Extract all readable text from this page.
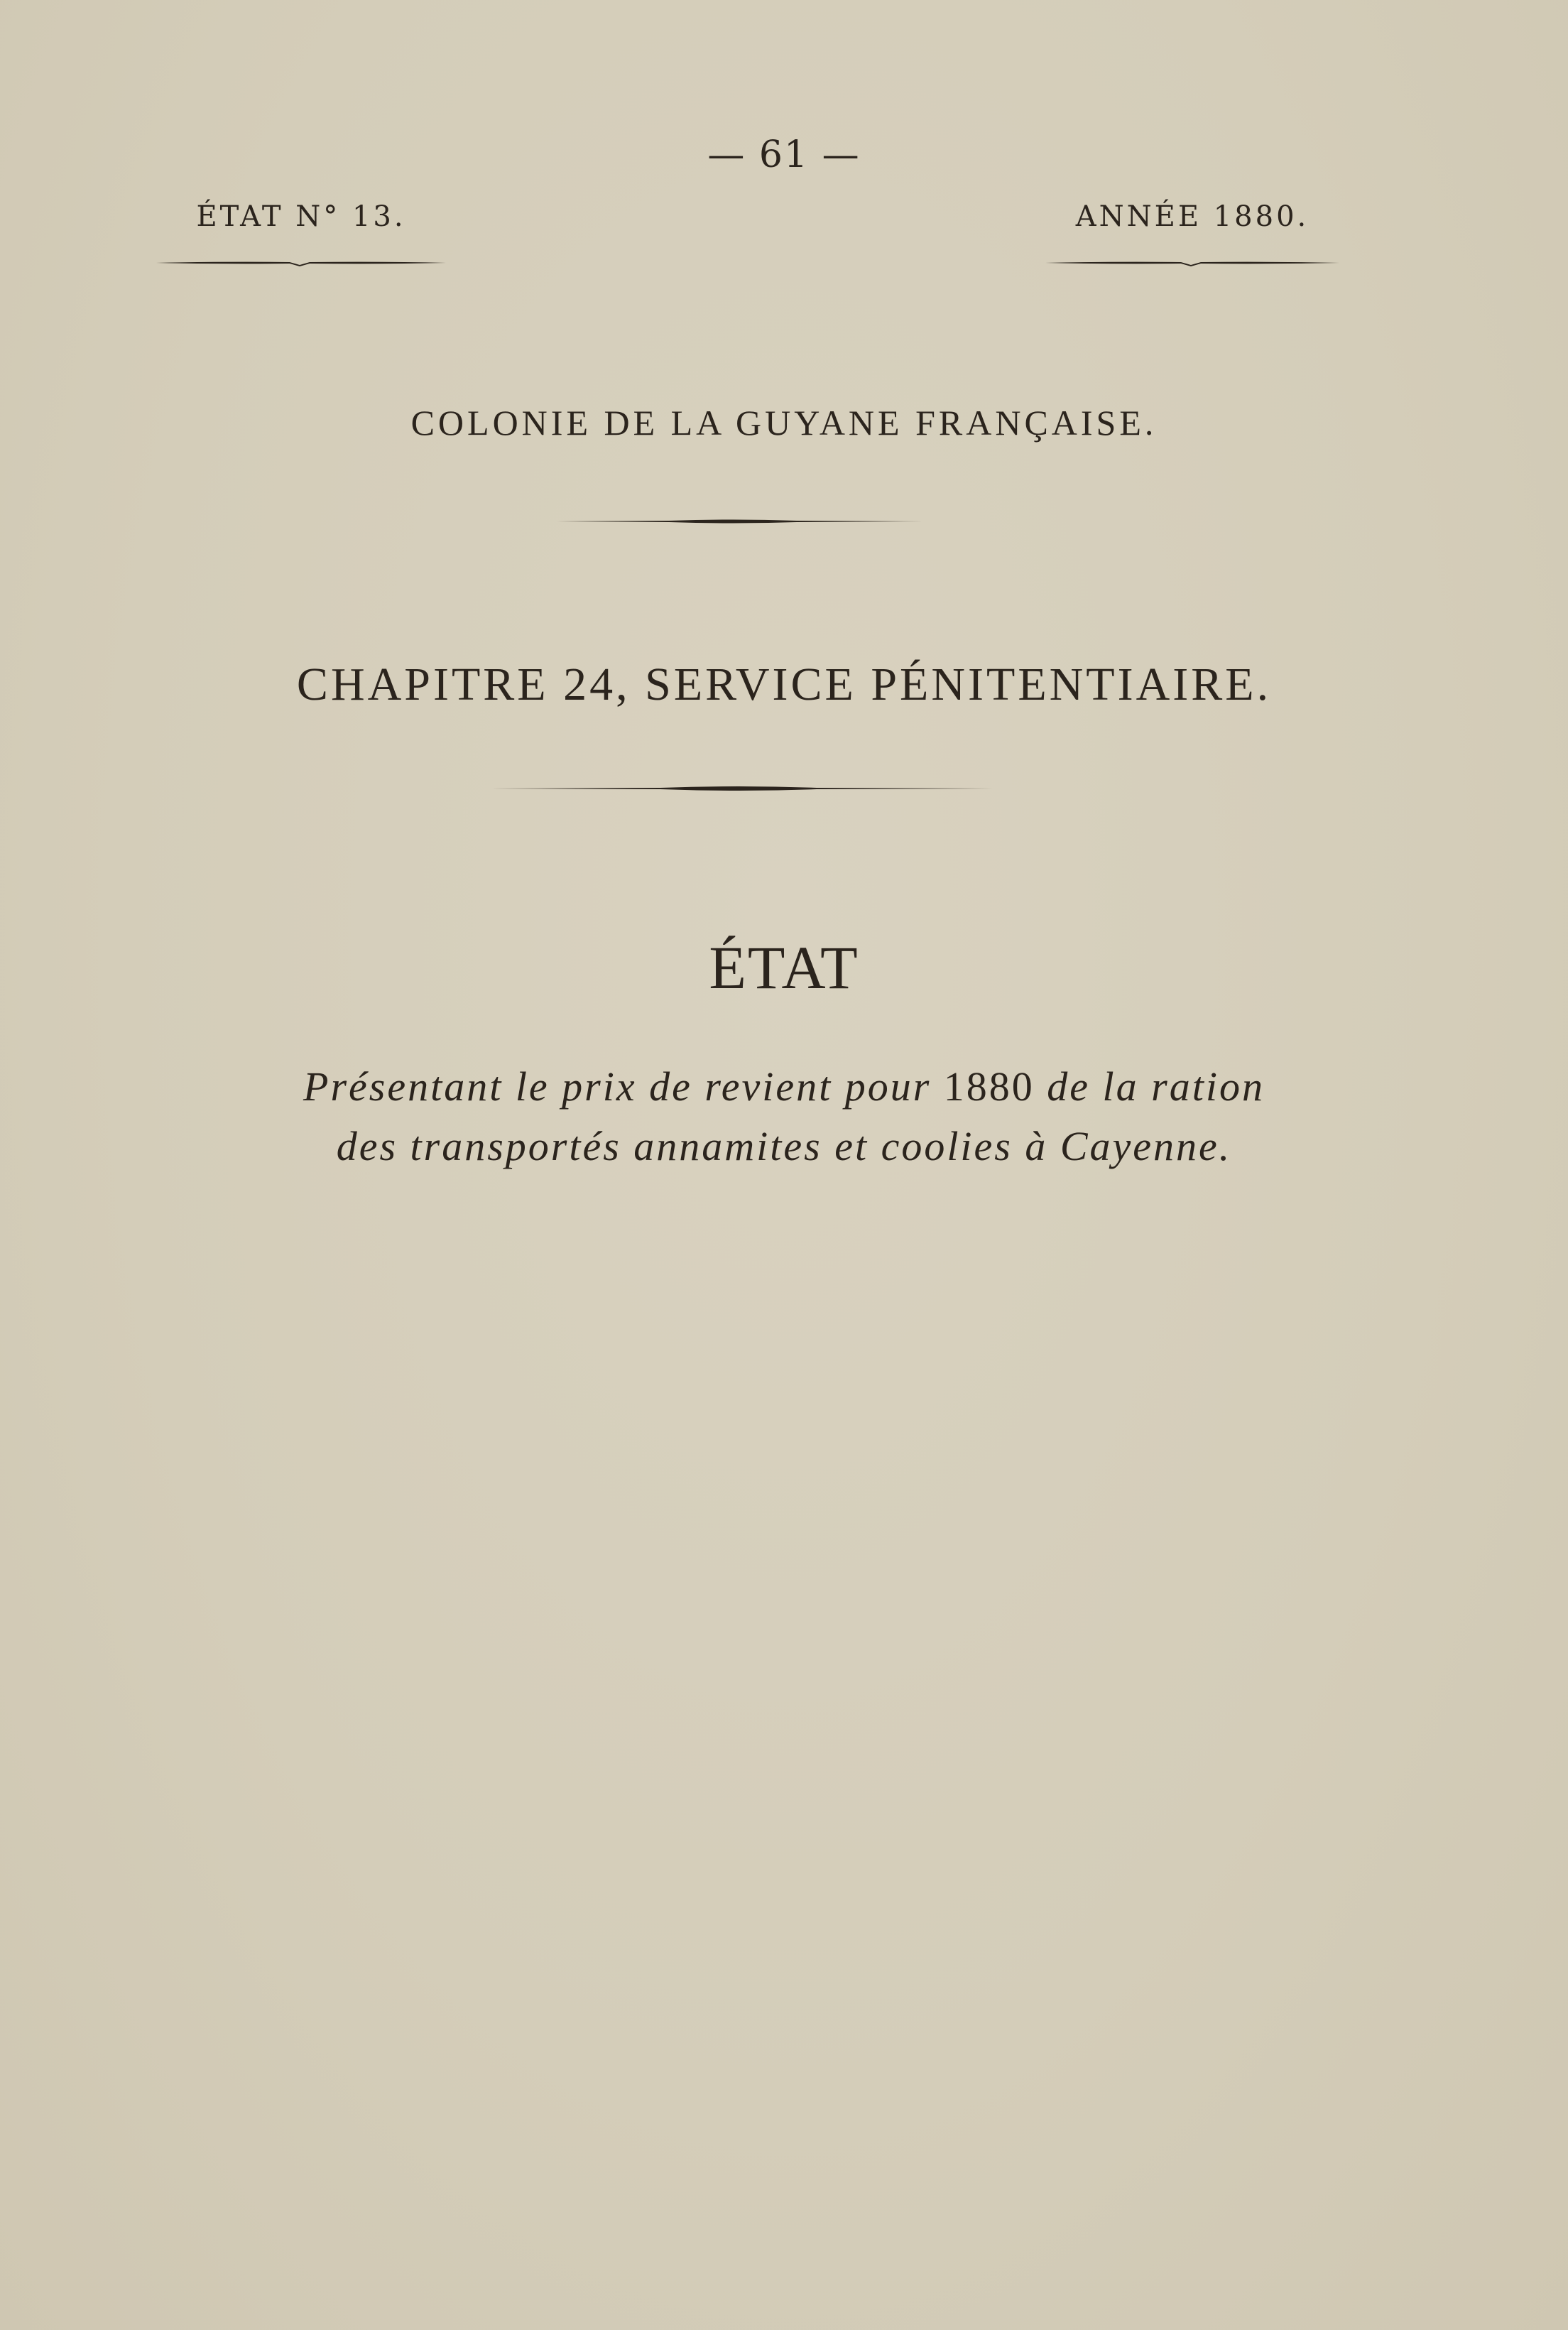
— 61 —
ÉTAT N° 13.	ANNÉE 1880.
COLONIE DE LA GUYANE FRANÇAISE.
CHAPITRE 24, SERVICE PÉNITENTIAIRE.
ÉTAT
Présentant le prix de revient pour 1880 de la ration
des transportés annamites et coolies à Cayenne.
